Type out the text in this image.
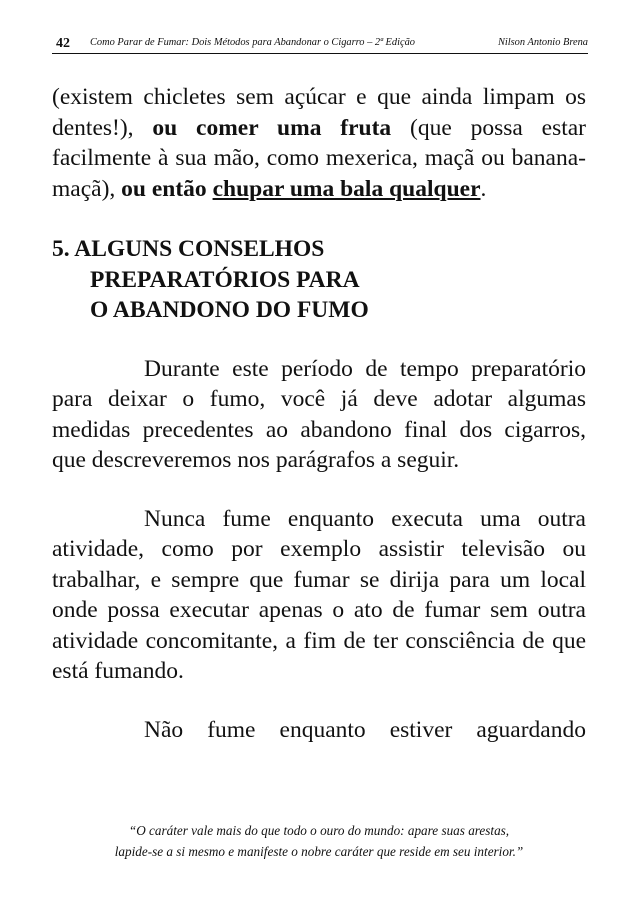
42 Como Parar de Fumar: Dois Métodos para Abandonar o Cigarro – 2ª Edição	Nilson Antonio Brena

(existem chicletes sem açúcar e que ainda limpam os dentes!), ou comer uma fruta (que possa estar facilmente à sua mão, como mexerica, maçã ou banana-maçã), ou então chupar uma bala qualquer.

5. ALGUNS CONSELHOS
PREPARATÓRIOS PARA
O ABANDONO DO FUMO

Durante este período de tempo preparatório para deixar o fumo, você já deve adotar algumas medidas precedentes ao abandono final dos cigarros, que descreveremos nos parágrafos a seguir.

Nunca fume enquanto executa uma outra atividade, como por exemplo assistir televisão ou trabalhar, e sempre que fumar se dirija para um local onde possa executar apenas o ato de fumar sem outra atividade concomitante, a fim de ter consciência de que está fumando.

Não fume enquanto estiver aguardando

“O caráter vale mais do que todo o ouro do mundo: apare suas arestas,
lapide-se a si mesmo e manifeste o nobre caráter que reside em seu interior.”
